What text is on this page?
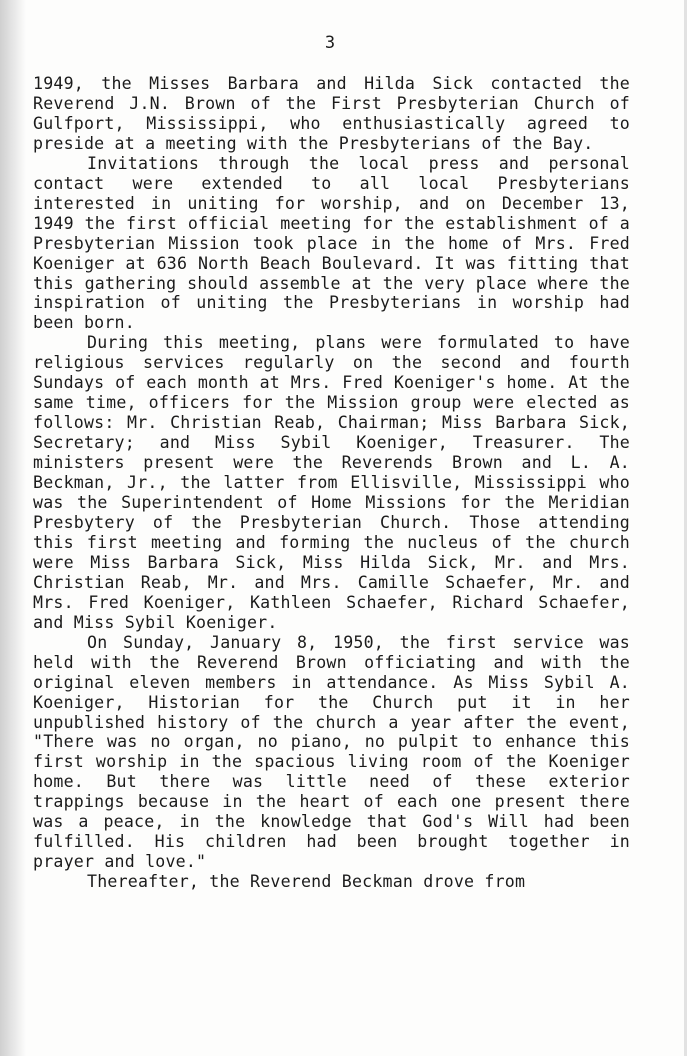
3

1949, the Misses Barbara and Hilda Sick contacted the Reverend J.N. Brown of the First Presbyterian Church of Gulfport, Mississippi, who enthusiastically agreed to preside at a meeting with the Presbyterians of the Bay.

Invitations through the local press and personal contact were extended to all local Presbyterians interested in uniting for worship, and on December 13, 1949 the first official meeting for the establishment of a Presbyterian Mission took place in the home of Mrs. Fred Koeniger at 636 North Beach Boulevard. It was fitting that this gathering should assemble at the very place where the inspiration of uniting the Presbyterians in worship had been born.

During this meeting, plans were formulated to have religious services regularly on the second and fourth Sundays of each month at Mrs. Fred Koeniger's home. At the same time, officers for the Mission group were elected as follows: Mr. Christian Reab, Chairman; Miss Barbara Sick, Secretary; and Miss Sybil Koeniger, Treasurer. The ministers present were the Reverends Brown and L. A. Beckman, Jr., the latter from Ellisville, Mississippi who was the Superintendent of Home Missions for the Meridian Presbytery of the Presbyterian Church. Those attending this first meeting and forming the nucleus of the church were Miss Barbara Sick, Miss Hilda Sick, Mr. and Mrs. Christian Reab, Mr. and Mrs. Camille Schaefer, Mr. and Mrs. Fred Koeniger, Kathleen Schaefer, Richard Schaefer, and Miss Sybil Koeniger.

On Sunday, January 8, 1950, the first service was held with the Reverend Brown officiating and with the original eleven members in attendance. As Miss Sybil A. Koeniger, Historian for the Church put it in her unpublished history of the church a year after the event, "There was no organ, no piano, no pulpit to enhance this first worship in the spacious living room of the Koeniger home. But there was little need of these exterior trappings because in the heart of each one present there was a peace, in the knowledge that God's Will had been fulfilled. His children had been brought together in prayer and love."

Thereafter, the Reverend Beckman drove from
